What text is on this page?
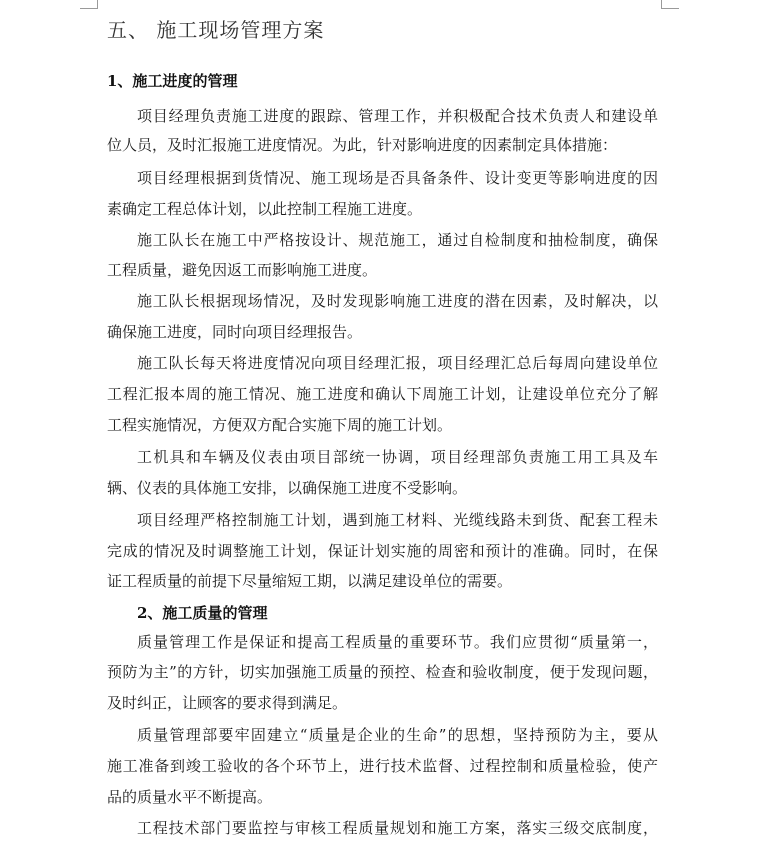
五、 施工现场管理方案
1、施工进度的管理
项目经理负责施工进度的跟踪、管理工作，并积极配合技术负责人和建设单
位人员，及时汇报施工进度情况。为此，针对影响进度的因素制定具体措施：
项目经理根据到货情况、施工现场是否具备条件、设计变更等影响进度的因
素确定工程总体计划，以此控制工程施工进度。
施工队长在施工中严格按设计、规范施工，通过自检制度和抽检制度，确保
工程质量，避免因返工而影响施工进度。
施工队长根据现场情况，及时发现影响施工进度的潜在因素，及时解决，以
确保施工进度，同时向项目经理报告。
施工队长每天将进度情况向项目经理汇报，项目经理汇总后每周向建设单位
工程汇报本周的施工情况、施工进度和确认下周施工计划，让建设单位充分了解
工程实施情况，方便双方配合实施下周的施工计划。
工机具和车辆及仪表由项目部统一协调，项目经理部负责施工用工具及车
辆、仪表的具体施工安排，以确保施工进度不受影响。
项目经理严格控制施工计划，遇到施工材料、光缆线路未到货、配套工程未
完成的情况及时调整施工计划，保证计划实施的周密和预计的准确。同时，在保
证工程质量的前提下尽量缩短工期，以满足建设单位的需要。
2、施工质量的管理
质量管理工作是保证和提高工程质量的重要环节。我们应贯彻“质量第一，
预防为主”的方针，切实加强施工质量的预控、检查和验收制度，便于发现问题，
及时纠正，让顾客的要求得到满足。
质量管理部要牢固建立“质量是企业的生命”的思想，坚持预防为主，要从
施工准备到竣工验收的各个环节上，进行技术监督、过程控制和质量检验，使产
品的质量水平不断提高。
工程技术部门要监控与审核工程质量规划和施工方案，落实三级交底制度，
